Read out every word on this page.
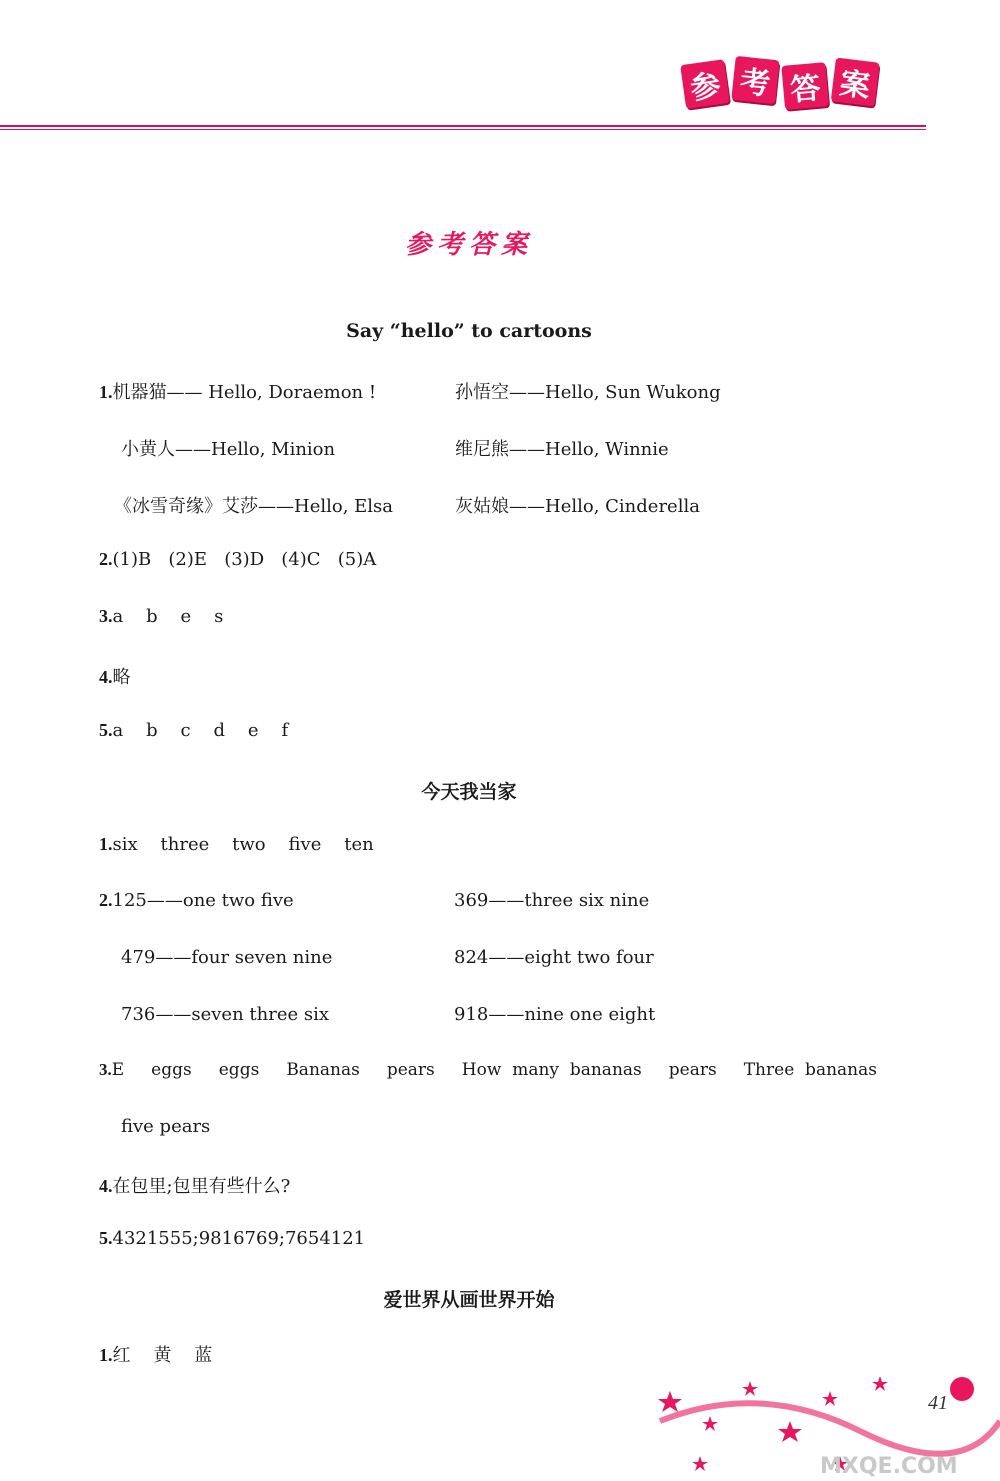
参 考 答 案
参考答案
Say “hello” to cartoons
1.机器猫—— Hello, Doraemon !	孙悟空——Hello, Sun Wukong
小黄人——Hello, Minion	维尼熊——Hello, Winnie
《冰雪奇缘》艾莎——Hello, Elsa	灰姑娘——Hello, Cinderella
2.(1)B   (2)E   (3)D   (4)C   (5)A
3.a    b    e    s
4.略
5.a    b    c    d    e    f
今天我当家
1.six    three    two    five    ten
2.125——one two five	369——three six nine
479——four seven nine	824——eight two four
736——seven three six	918——nine one eight
3.E     eggs     eggs     Bananas     pears     How  many  bananas     pears     Three  bananas
five pears
4.在包里;包里有些什么?
5.4321555;9816769;7654121
爱世界从画世界开始
1.红    黄    蓝
MXQE.COM
41
